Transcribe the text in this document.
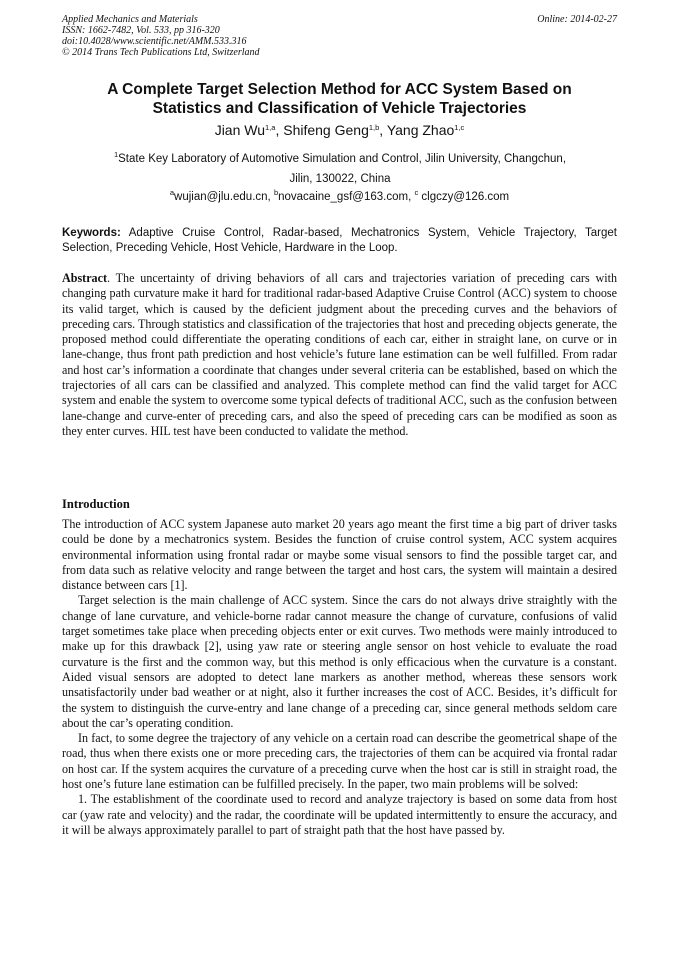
Applied Mechanics and Materials
ISSN: 1662-7482, Vol. 533, pp 316-320
doi:10.4028/www.scientific.net/AMM.533.316
© 2014 Trans Tech Publications Ltd, Switzerland
Online: 2014-02-27
A Complete Target Selection Method for ACC System Based on
Statistics and Classification of Vehicle Trajectories
Jian Wu$^{1,a}$, Shifeng Geng$^{1,b}$, Yang Zhao$^{1,c}$
$^1$State Key Laboratory of Automotive Simulation and Control, Jilin University, Changchun,
Jilin, 130022, China
$^a$wujian@jlu.edu.cn, $^b$novacaine_gsf@163.com, $^c$ clgczy@126.com
Keywords: Adaptive Cruise Control, Radar-based, Mechatronics System, Vehicle Trajectory, Target Selection, Preceding Vehicle, Host Vehicle, Hardware in the Loop.
Abstract. The uncertainty of driving behaviors of all cars and trajectories variation of preceding cars with changing path curvature make it hard for traditional radar-based Adaptive Cruise Control (ACC) system to choose its valid target, which is caused by the deficient judgment about the preceding curves and the behaviors of preceding cars. Through statistics and classification of the trajectories that host and preceding objects generate, the proposed method could differentiate the operating conditions of each car, either in straight lane, on curve or in lane-change, thus front path prediction and host vehicle’s future lane estimation can be well fulfilled. From radar and host car’s information a coordinate that changes under several criteria can be established, based on which the trajectories of all cars can be classified and analyzed. This complete method can find the valid target for ACC system and enable the system to overcome some typical defects of traditional ACC, such as the confusion between lane-change and curve-enter of preceding cars, and also the speed of preceding cars can be modified as soon as they enter curves. HIL test have been conducted to validate the method.
Introduction

The introduction of ACC system Japanese auto market 20 years ago meant the first time a big part of driver tasks could be done by a mechatronics system. Besides the function of cruise control system, ACC system acquires environmental information using frontal radar or maybe some visual sensors to find the possible target car, and from data such as relative velocity and range between the target and host cars, the system will maintain a desired distance between cars [1].

Target selection is the main challenge of ACC system. Since the cars do not always drive straightly with the change of lane curvature, and vehicle-borne radar cannot measure the change of curvature, confusions of valid target sometimes take place when preceding objects enter or exit curves. Two methods were mainly introduced to make up for this drawback [2], using yaw rate or steering angle sensor on host vehicle to evaluate the road curvature is the first and the common way, but this method is only efficacious when the curvature is a constant. Aided visual sensors are adopted to detect lane markers as another method, whereas these sensors work unsatisfactorily under bad weather or at night, also it further increases the cost of ACC. Besides, it’s difficult for the system to distinguish the curve-entry and lane change of a preceding car, since general methods seldom care about the car’s operating condition.

In fact, to some degree the trajectory of any vehicle on a certain road can describe the geometrical shape of the road, thus when there exists one or more preceding cars, the trajectories of them can be acquired via frontal radar on host car. If the system acquires the curvature of a preceding curve when the host car is still in straight road, the host one’s future lane estimation can be fulfilled precisely. In the paper, two main problems will be solved:

1. The establishment of the coordinate used to record and analyze trajectory is based on some data from host car (yaw rate and velocity) and the radar, the coordinate will be updated intermittently to ensure the accuracy, and it will be always approximately parallel to part of straight path that the host have passed by.
